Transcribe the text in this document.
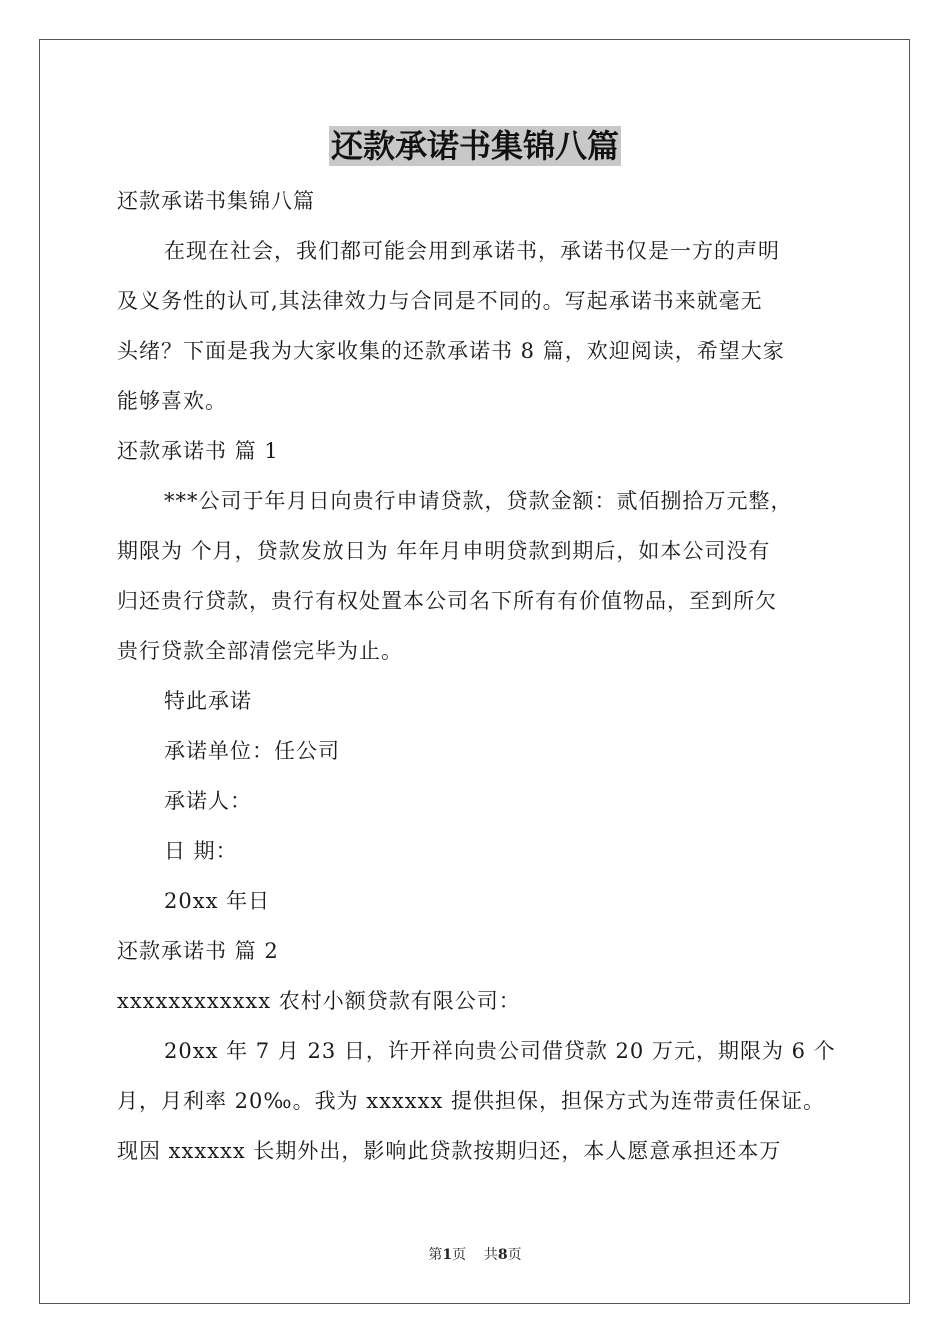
还款承诺书集锦八篇
还款承诺书集锦八篇
在现在社会，我们都可能会用到承诺书，承诺书仅是一方的声明
及义务性的认可,其法律效力与合同是不同的。写起承诺书来就毫无
头绪？下面是我为大家收集的还款承诺书 8 篇，欢迎阅读，希望大家
能够喜欢。
还款承诺书 篇 1
***公司于年月日向贵行申请贷款，贷款金额：贰佰捌拾万元整，
期限为 个月，贷款发放日为 年年月申明贷款到期后，如本公司没有
归还贵行贷款，贵行有权处置本公司名下所有有价值物品，至到所欠
贵行贷款全部清偿完毕为止。
特此承诺
承诺单位：任公司
承诺人：
日 期：
20xx 年日
还款承诺书 篇 2
xxxxxxxxxxxx 农村小额贷款有限公司：
20xx 年 7 月 23 日，许开祥向贵公司借贷款 20 万元，期限为 6 个
月，月利率 20‰。我为 xxxxxx 提供担保，担保方式为连带责任保证。
现因 xxxxxx 长期外出，影响此贷款按期归还，本人愿意承担还本万
第1页 共8页
